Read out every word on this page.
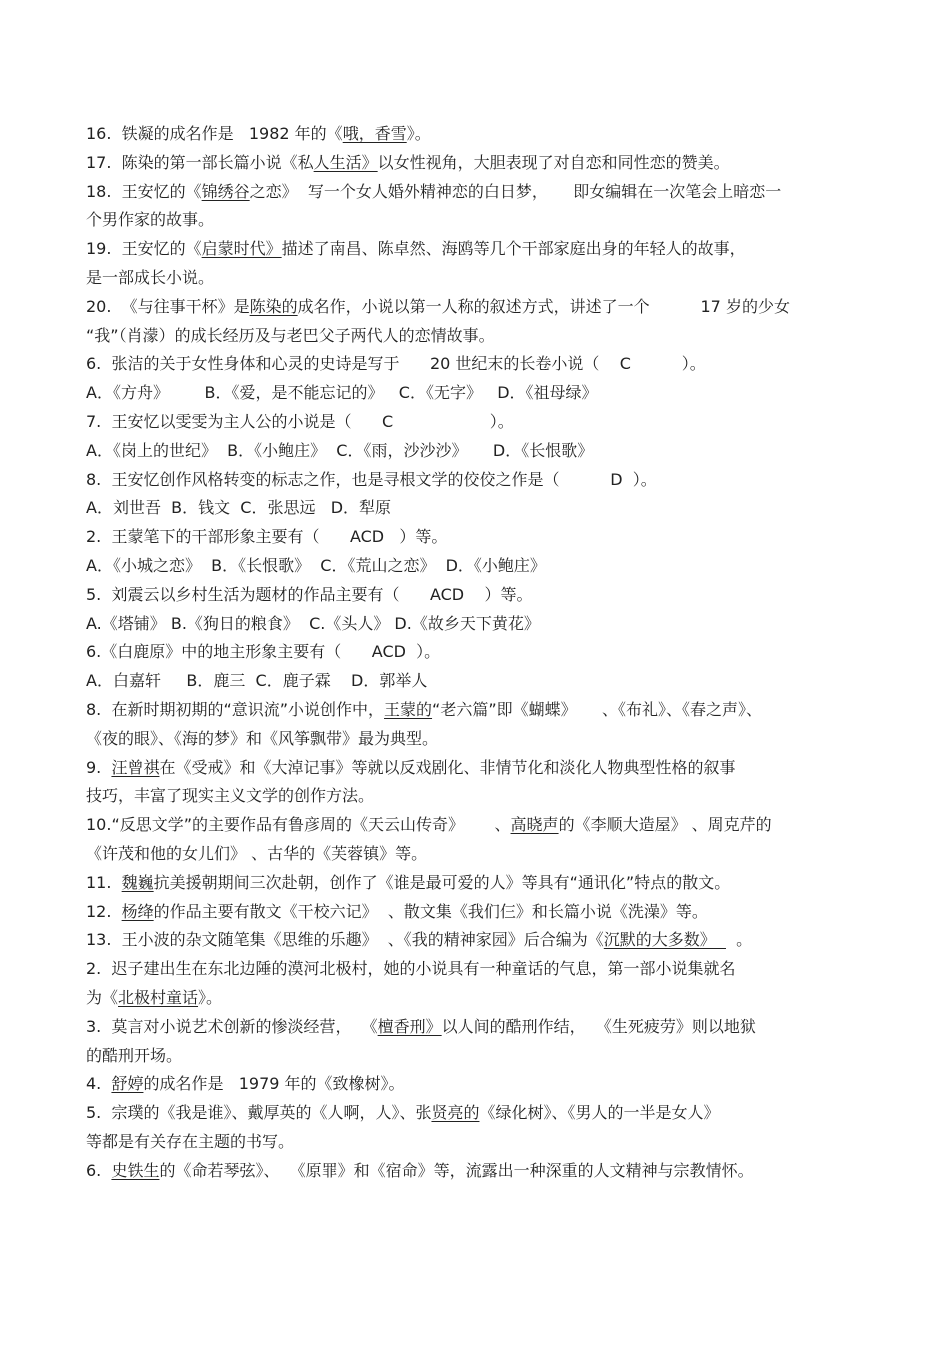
16.  铁凝的成名作是   1982 年的《哦，香雪》。
17.  陈染的第一部长篇小说《私人生活》以女性视角，大胆表现了对自恋和同性恋的赞美。
18.  王安忆的《锦绣谷之恋》  写一个女人婚外精神恋的白日梦，     即女编辑在一次笔会上暗恋一
个男作家的故事。
19.  王安忆的《启蒙时代》描述了南昌、陈卓然、海鸥等几个干部家庭出身的年轻人的故事，
是一部成长小说。
20.  《与往事干杯》是陈染的成名作，小说以第一人称的叙述方式，讲述了一个          17 岁的少女
“我”（肖濛）的成长经历及与老巴父子两代人的恋情故事。
6.  张洁的关于女性身体和心灵的史诗是写于      20 世纪末的长卷小说（    C          ）。
A．《方舟》       B．《爱，是不能忘记的》   C．《无字》   D．《祖母绿》
7.  王安忆以雯雯为主人公的小说是（      C                   ）。
A．《岗上的世纪》  B．《小鲍庄》  C．《雨，沙沙沙》     D．《长恨歌》
8.  王安忆创作风格转变的标志之作，也是寻根文学的佼佼之作是（          D  ）。
A．刘世吾  B．钱文  C．张思远   D．犁原
2.  王蒙笔下的干部形象主要有（      ACD   ）等。
A．《小城之恋》  B．《长恨歌》  C．《荒山之恋》  D．《小鲍庄》
5.  刘震云以乡村生活为题材的作品主要有（      ACD    ）等。
A.《塔铺》 B.《狗日的粮食》  C.《头人》 D.《故乡天下黄花》
6.《白鹿原》中的地主形象主要有（      ACD  ）。
A．白嘉轩     B．鹿三  C．鹿子霖    D．郭举人
8.  在新时期初期的“意识流”小说创作中，王蒙的“老六篇”即《蝴蝶》     、《布礼》、《春之声》、
《夜的眼》、《海的梦》和《风筝飘带》最为典型。
9.  汪曾祺在《受戒》和《大淖记事》等就以反戏剧化、非情节化和淡化人物典型性格的叙事
技巧，丰富了现实主义文学的创作方法。
10.“反思文学”的主要作品有鲁彦周的《天云山传奇》      、高晓声的《李顺大造屋》 、周克芹的
《许茂和他的女儿们》 、古华的《芙蓉镇》等。
11.  魏巍抗美援朝期间三次赴朝，创作了《谁是最可爱的人》等具有“通讯化”特点的散文。
12.  杨绛的作品主要有散文《干校六记》  、散文集《我们仨》和长篇小说《洗澡》等。
13.  王小波的杂文随笔集《思维的乐趣》  、《我的精神家园》后合编为《沉默的大多数》    。
2.  迟子建出生在东北边陲的漠河北极村，她的小说具有一种童话的气息，第一部小说集就名
为《北极村童话》。
3.  莫言对小说艺术创新的惨淡经营，  《檀香刑》以人间的酷刑作结，  《生死疲劳》则以地狱
的酷刑开场。
4.  舒婷的成名作是   1979 年的《致橡树》。
5.  宗璞的《我是谁》、戴厚英的《人啊，人》、张贤亮的《绿化树》、《男人的一半是女人》
等都是有关存在主题的书写。
6.  史铁生的《命若琴弦》、  《原罪》和《宿命》等，流露出一种深重的人文精神与宗教情怀。
